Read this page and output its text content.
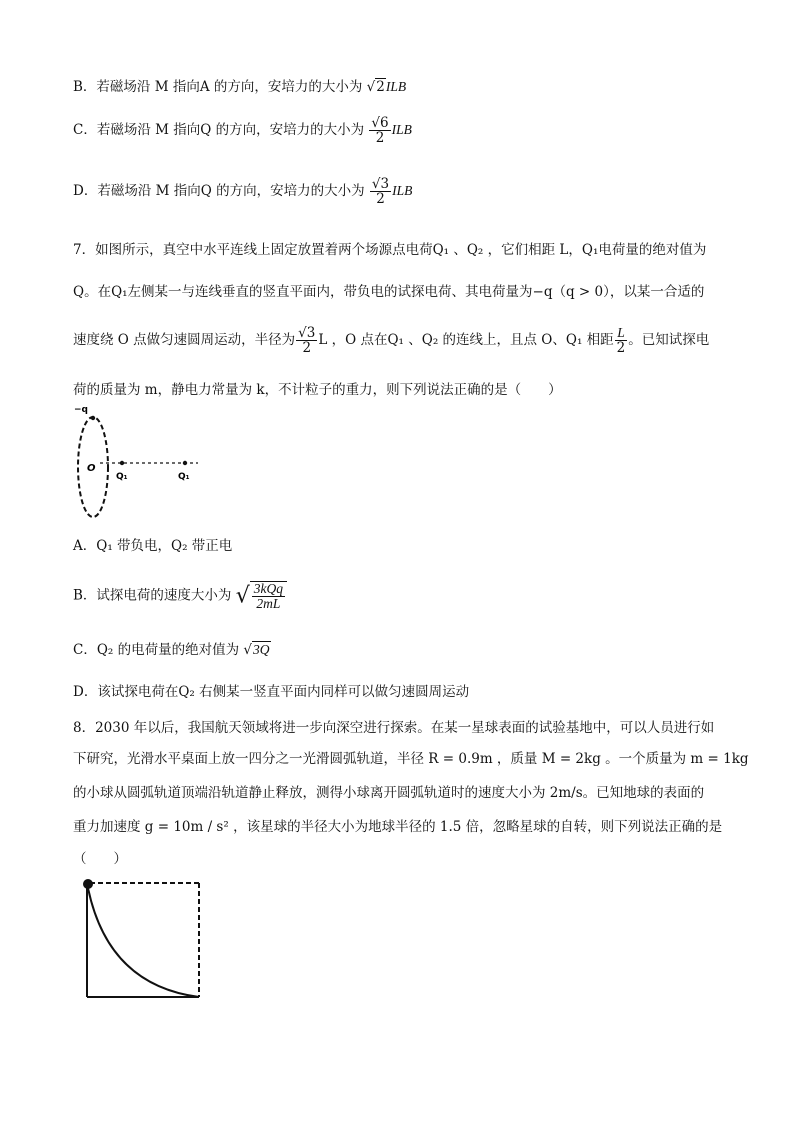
B．若磁场沿 M 指向A 的方向，安培力的大小为 √2ILB
C．若磁场沿 M 指向Q 的方向，安培力的大小为 $\frac{√6}{2}$ ILB
D．若磁场沿 M 指向Q 的方向，安培力的大小为 $\frac{√3}{2}$ ILB
7．如图所示，真空中水平连线上固定放置着两个场源点电荷Q₁ 、Q₂ ，它们相距 L，Q₁电荷量的绝对值为
Q。在Q₁左侧某一与连线垂直的竖直平面内，带负电的试探电荷、其电荷量为−q（q > 0），以某一合适的
速度绕 O 点做匀速圆周运动，半径为 $\frac{√3}{2}$ L ，O 点在Q₁ 、Q₂ 的连线上，且点 O、Q₁ 相距 $\frac{L}{2}$ 。已知试探电
荷的质量为 m，静电力常量为 k，不计粒子的重力，则下列说法正确的是（　　）
−q
O
Q₁	Q₁
A．Q₁ 带负电，Q₂ 带正电
B．试探电荷的速度大小为 √ $\frac{\text{3kQq}}{2mL}$
C．Q₂ 的电荷量的绝对值为 √3Q
D．该试探电荷在Q₂ 右侧某一竖直平面内同样可以做匀速圆周运动
8．2030 年以后，我国航天领域将进一步向深空进行探索。在某一星球表面的试验基地中，可以人员进行如
下研究，光滑水平桌面上放一四分之一光滑圆弧轨道，半径 R = 0.9m ，质量 M = 2kg 。一个质量为 m = 1kg
的小球从圆弧轨道顶端沿轨道静止释放，测得小球离开圆弧轨道时的速度大小为 2m/s。已知地球的表面的
重力加速度 g = 10m / s² ，该星球的半径大小为地球半径的 1.5 倍，忽略星球的自转，则下列说法正确的是
（　　）
